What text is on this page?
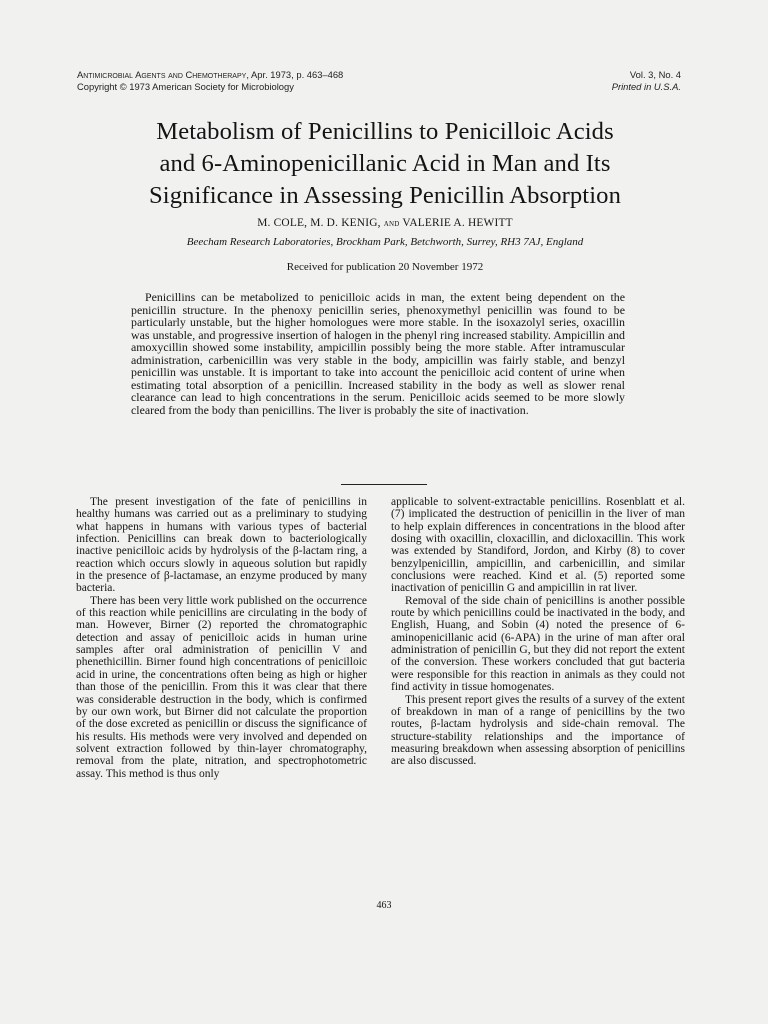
Antimicrobial Agents and Chemotherapy, Apr. 1973, p. 463–468
Copyright © 1973 American Society for Microbiology
Vol. 3, No. 4
Printed in U.S.A.
Metabolism of Penicillins to Penicilloic Acids
and 6-Aminopenicillanic Acid in Man and Its
Significance in Assessing Penicillin Absorption
M. COLE, M. D. KENIG, and VALERIE A. HEWITT
Beecham Research Laboratories, Brockham Park, Betchworth, Surrey, RH3 7AJ, England
Received for publication 20 November 1972

Penicillins can be metabolized to penicilloic acids in man, the extent being dependent on the penicillin structure. In the phenoxy penicillin series, phenoxymethyl penicillin was found to be particularly unstable, but the higher homologues were more stable. In the isoxazolyl series, oxacillin was unstable, and progressive insertion of halogen in the phenyl ring increased stability. Ampicillin and amoxycillin showed some instability, ampicillin possibly being the more stable. After intramuscular administration, carbenicillin was very stable in the body, ampicillin was fairly stable, and benzyl penicillin was unstable. It is important to take into account the penicilloic acid content of urine when estimating total absorption of a penicillin. Increased stability in the body as well as slower renal clearance can lead to high concentrations in the serum. Penicilloic acids seemed to be more slowly cleared from the body than penicillins. The liver is probably the site of inactivation.

The present investigation of the fate of penicillins in healthy humans was carried out as a preliminary to studying what happens in humans with various types of bacterial infection. Penicillins can break down to bacteriologically inactive penicilloic acids by hydrolysis of the β-lactam ring, a reaction which occurs slowly in aqueous solution but rapidly in the presence of β-lactamase, an enzyme produced by many bacteria.

There has been very little work published on the occurrence of this reaction while penicillins are circulating in the body of man. However, Birner (2) reported the chromatographic detection and assay of penicilloic acids in human urine samples after oral administration of penicillin V and phenethicillin. Birner found high concentrations of penicilloic acid in urine, the concentrations often being as high or higher than those of the penicillin. From this it was clear that there was considerable destruction in the body, which is confirmed by our own work, but Birner did not calculate the proportion of the dose excreted as penicillin or discuss the significance of his results. His methods were very involved and depended on solvent extraction followed by thin-layer chromatography, removal from the plate, nitration, and spectrophotometric assay. This method is thus only

applicable to solvent-extractable penicillins. Rosenblatt et al. (7) implicated the destruction of penicillin in the liver of man to help explain differences in concentrations in the blood after dosing with oxacillin, cloxacillin, and dicloxacillin. This work was extended by Standiford, Jordon, and Kirby (8) to cover benzylpenicillin, ampicillin, and carbenicillin, and similar conclusions were reached. Kind et al. (5) reported some inactivation of penicillin G and ampicillin in rat liver.

Removal of the side chain of penicillins is another possible route by which penicillins could be inactivated in the body, and English, Huang, and Sobin (4) noted the presence of 6-aminopenicillanic acid (6-APA) in the urine of man after oral administration of penicillin G, but they did not report the extent of the conversion. These workers concluded that gut bacteria were responsible for this reaction in animals as they could not find activity in tissue homogenates.

This present report gives the results of a survey of the extent of breakdown in man of a range of penicillins by the two routes, β-lactam hydrolysis and side-chain removal. The structure-stability relationships and the importance of measuring breakdown when assessing absorption of penicillins are also discussed.

463
